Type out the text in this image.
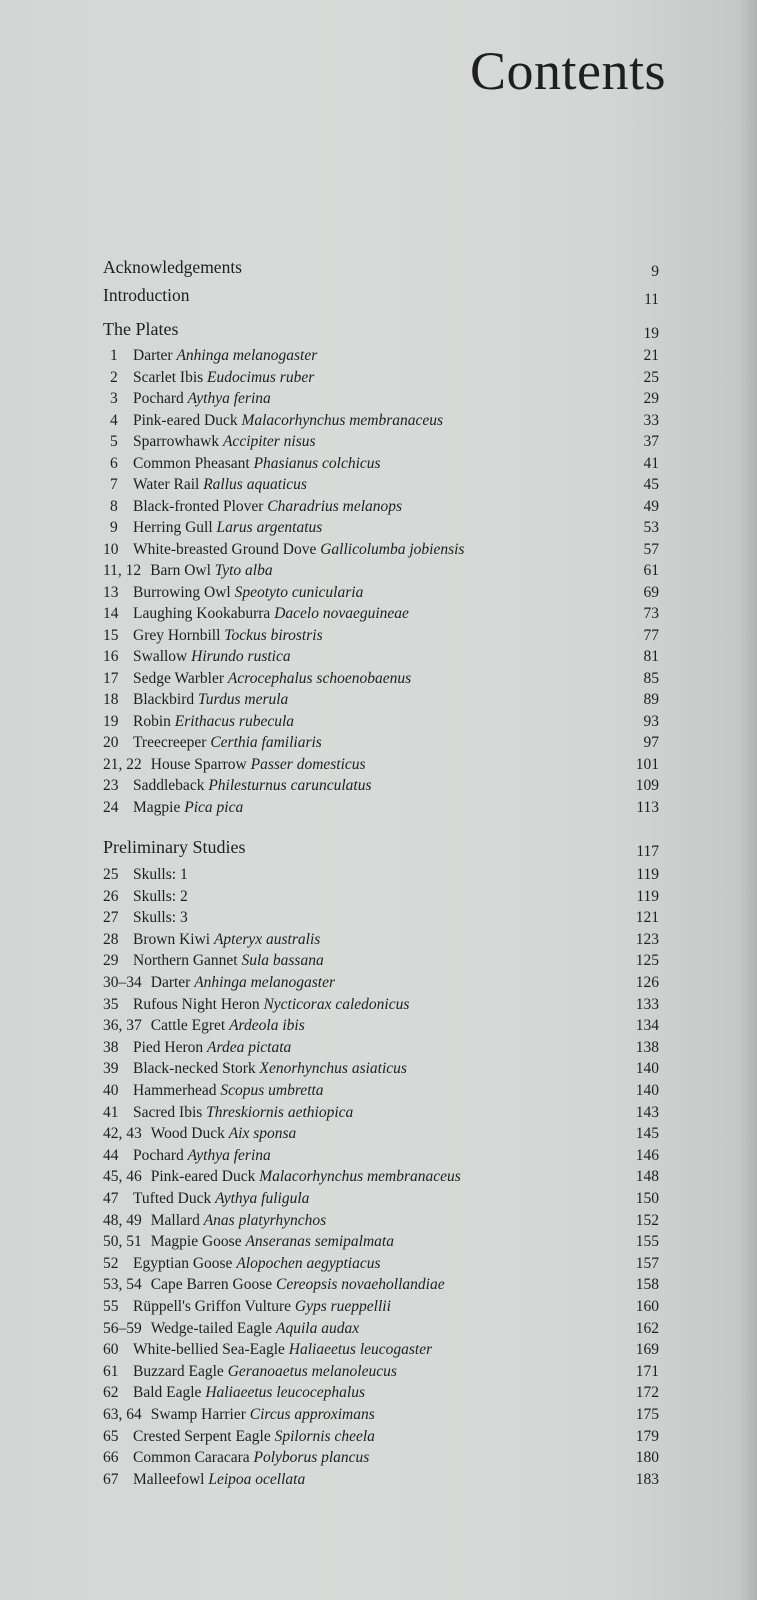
Contents
Acknowledgements	9
Introduction	11
The Plates	19
1 Darter Anhinga melanogaster	21
2 Scarlet Ibis Eudocimus ruber	25
3 Pochard Aythya ferina	29
4 Pink-eared Duck Malacorhynchus membranaceus	33
5 Sparrowhawk Accipiter nisus	37
6 Common Pheasant Phasianus colchicus	41
7 Water Rail Rallus aquaticus	45
8 Black-fronted Plover Charadrius melanops	49
9 Herring Gull Larus argentatus	53
10 White-breasted Ground Dove Gallicolumba jobiensis	57
11, 12 Barn Owl Tyto alba	61
13 Burrowing Owl Speotyto cunicularia	69
14 Laughing Kookaburra Dacelo novaeguineae	73
15 Grey Hornbill Tockus birostris	77
16 Swallow Hirundo rustica	81
17 Sedge Warbler Acrocephalus schoenobaenus	85
18 Blackbird Turdus merula	89
19 Robin Erithacus rubecula	93
20 Treecreeper Certhia familiaris	97
21, 22 House Sparrow Passer domesticus	101
23 Saddleback Philesturnus carunculatus	109
24 Magpie Pica pica	113
Preliminary Studies	117
25 Skulls: 1	119
26 Skulls: 2	119
27 Skulls: 3	121
28 Brown Kiwi Apteryx australis	123
29 Northern Gannet Sula bassana	125
30–34 Darter Anhinga melanogaster	126
35 Rufous Night Heron Nycticorax caledonicus	133
36, 37 Cattle Egret Ardeola ibis	134
38 Pied Heron Ardea pictata	138
39 Black-necked Stork Xenorhynchus asiaticus	140
40 Hammerhead Scopus umbretta	140
41 Sacred Ibis Threskiornis aethiopica	143
42, 43 Wood Duck Aix sponsa	145
44 Pochard Aythya ferina	146
45, 46 Pink-eared Duck Malacorhynchus membranaceus	148
47 Tufted Duck Aythya fuligula	150
48, 49 Mallard Anas platyrhynchos	152
50, 51 Magpie Goose Anseranas semipalmata	155
52 Egyptian Goose Alopochen aegyptiacus	157
53, 54 Cape Barren Goose Cereopsis novaehollandiae	158
55 Rüppell's Griffon Vulture Gyps rueppellii	160
56–59 Wedge-tailed Eagle Aquila audax	162
60 White-bellied Sea-Eagle Haliaeetus leucogaster	169
61 Buzzard Eagle Geranoaetus melanoleucus	171
62 Bald Eagle Haliaeetus leucocephalus	172
63, 64 Swamp Harrier Circus approximans	175
65 Crested Serpent Eagle Spilornis cheela	179
66 Common Caracara Polyborus plancus	180
67 Malleefowl Leipoa ocellata	183
